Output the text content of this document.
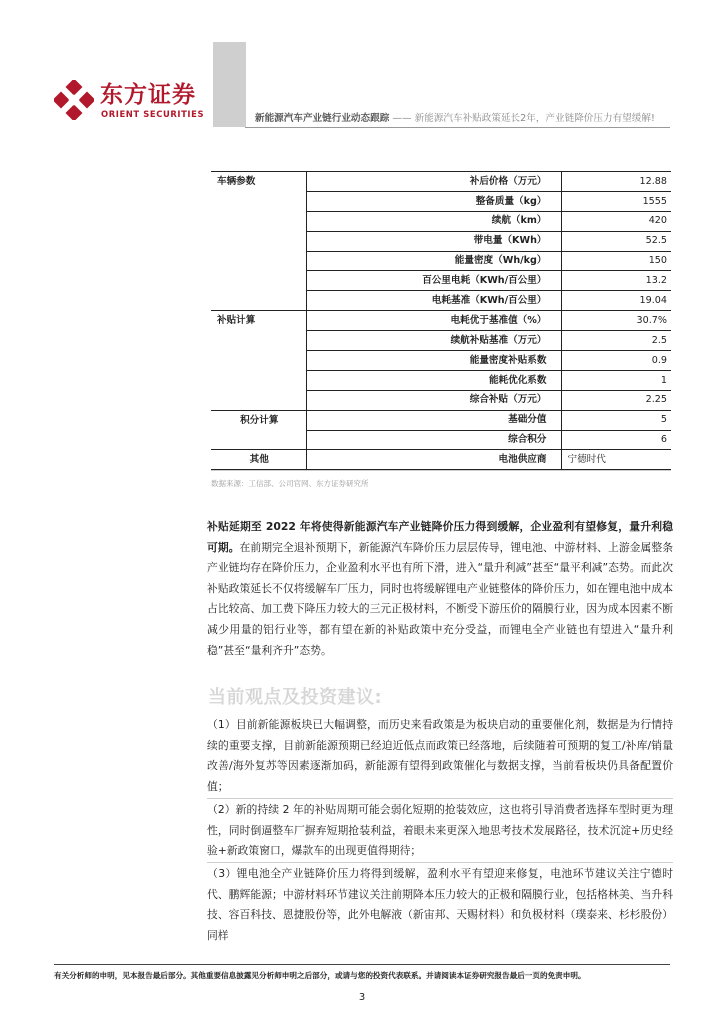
东方证券
ORIENT SECURITIES	新能源汽车产业链行业动态跟踪 —— 新能源汽车补贴政策延长2年，产业链降价压力有望缓解!
车辆参数	补后价格（万元）	12.88
	整备质量（kg）	1555
	续航（km）	420
	带电量（KWh）	52.5
	能量密度（Wh/kg）	150
	百公里电耗（KWh/百公里）	13.2
	电耗基准（KWh/百公里）	19.04
补贴计算	电耗优于基准值（%）	30.7%
	续航补贴基准（万元）	2.5
	能量密度补贴系数	0.9
	能耗优化系数	1
	综合补贴（万元）	2.25
积分计算	基础分值	5
	综合积分	6
其他	电池供应商	宁德时代
数据来源：工信部、公司官网、东方证券研究所
补贴延期至 2022 年将使得新能源汽车产业链降价压力得到缓解，企业盈利有望修复，量升利稳可期。在前期完全退补预期下，新能源汽车降价压力层层传导，锂电池、中游材料、上游金属整条产业链均存在降价压力，企业盈利水平也有所下滑，进入“量升利减”甚至“量平利减”态势。而此次补贴政策延长不仅将缓解车厂压力，同时也将缓解锂电产业链整体的降价压力，如在锂电池中成本占比较高、加工费下降压力较大的三元正极材料，不断受下游压价的隔膜行业，因为成本因素不断减少用量的铝行业等，都有望在新的补贴政策中充分受益，而锂电全产业链也有望进入“量升利稳”甚至“量利齐升”态势。
当前观点及投资建议:
（1）目前新能源板块已大幅调整，而历史来看政策是为板块启动的重要催化剂，数据是为行情持续的重要支撑，目前新能源预期已经迫近低点而政策已经落地，后续随着可预期的复工/补库/销量改善/海外复苏等因素逐渐加码，新能源有望得到政策催化与数据支撑，当前看板块仍具备配置价值；
（2）新的持续 2 年的补贴周期可能会弱化短期的抢装效应，这也将引导消费者选择车型时更为理性，同时倒逼整车厂摒弃短期抢装利益，着眼未来更深入地思考技术发展路径，技术沉淀+历史经验+新政策窗口，爆款车的出现更值得期待；
（3）锂电池全产业链降价压力将得到缓解，盈利水平有望迎来修复，电池环节建议关注宁德时代、鹏辉能源；中游材料环节建议关注前期降本压力较大的正极和隔膜行业，包括格林美、当升科技、容百科技、恩捷股份等，此外电解液（新宙邦、天赐材料）和负极材料（璞泰来、杉杉股份）同样
有关分析师的申明，见本报告最后部分。其他重要信息披露见分析师申明之后部分，或请与您的投资代表联系。并请阅读本证券研究报告最后一页的免责申明。
3
